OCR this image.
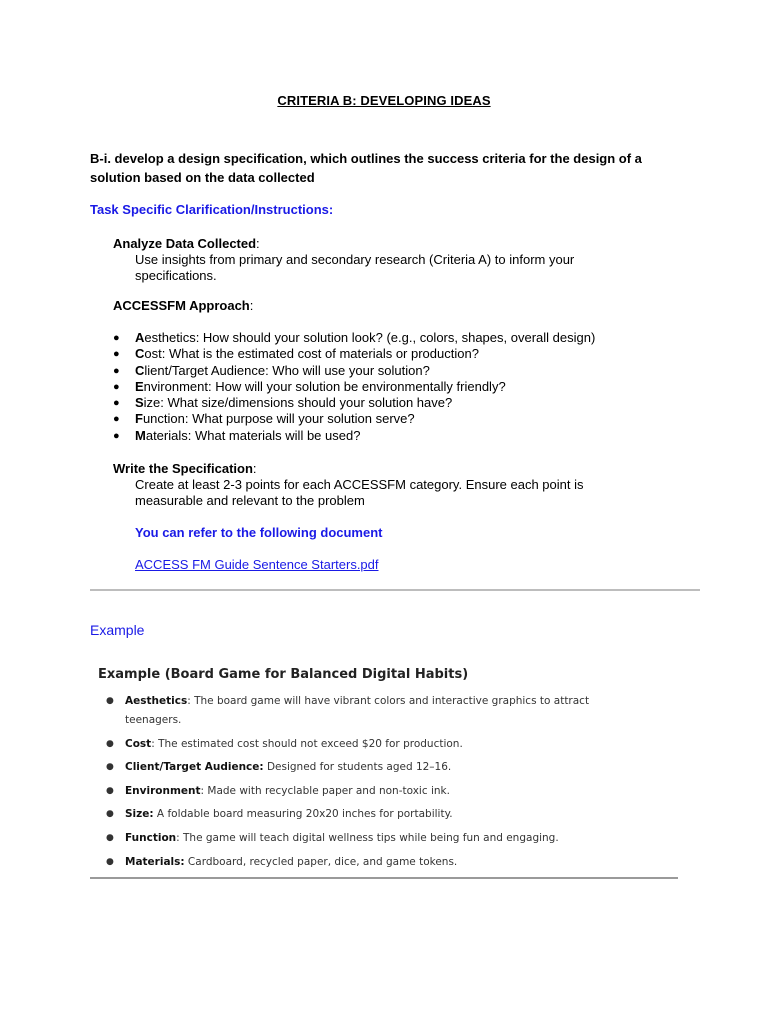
CRITERIA B: DEVELOPING IDEAS
B-i. develop a design specification, which outlines the success criteria for the design of a solution based on the data collected
Task Specific Clarification/Instructions:
Analyze Data Collected:
Use insights from primary and secondary research (Criteria A) to inform your specifications.
ACCESSFM Approach:
● Aesthetics: How should your solution look? (e.g., colors, shapes, overall design)
● Cost: What is the estimated cost of materials or production?
● Client/Target Audience: Who will use your solution?
● Environment: How will your solution be environmentally friendly?
● Size: What size/dimensions should your solution have?
● Function: What purpose will your solution serve?
● Materials: What materials will be used?
Write the Specification:
Create at least 2-3 points for each ACCESSFM category. Ensure each point is measurable and relevant to the problem
You can refer to the following document
ACCESS FM Guide Sentence Starters.pdf
Example
Example (Board Game for Balanced Digital Habits)
● Aesthetics: The board game will have vibrant colors and interactive graphics to attract teenagers.
● Cost: The estimated cost should not exceed $20 for production.
● Client/Target Audience: Designed for students aged 12–16.
● Environment: Made with recyclable paper and non-toxic ink.
● Size: A foldable board measuring 20x20 inches for portability.
● Function: The game will teach digital wellness tips while being fun and engaging.
● Materials: Cardboard, recycled paper, dice, and game tokens.
